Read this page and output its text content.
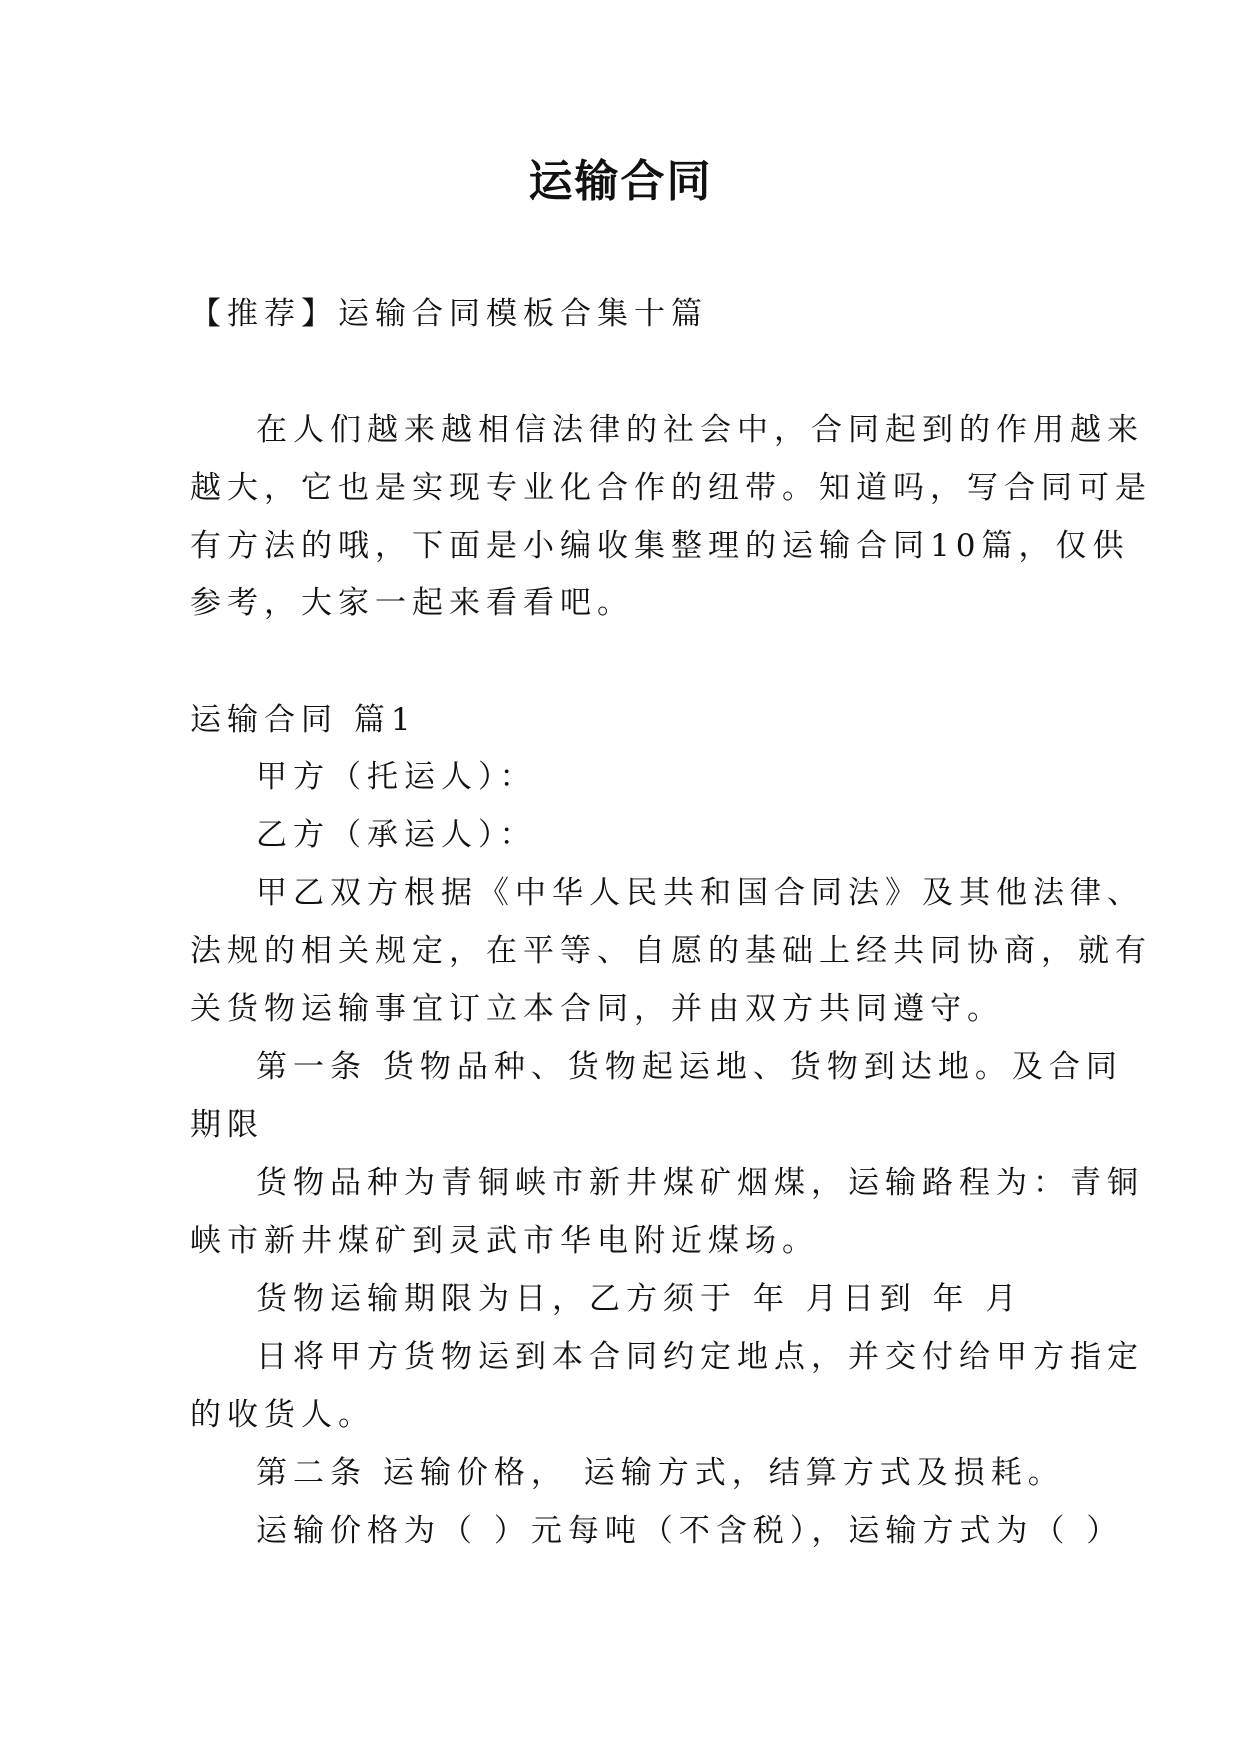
运输合同
【推荐】运输合同模板合集十篇
在人们越来越相信法律的社会中，合同起到的作用越来
越大，它也是实现专业化合作的纽带。知道吗，写合同可是
有方法的哦，下面是小编收集整理的运输合同10篇，仅供
参考，大家一起来看看吧。
运输合同 篇1
甲方（托运人）：
乙方（承运人）：
甲乙双方根据《中华人民共和国合同法》及其他法律、
法规的相关规定，在平等、自愿的基础上经共同协商，就有
关货物运输事宜订立本合同，并由双方共同遵守。
第一条 货物品种、货物起运地、货物到达地。及合同
期限
货物品种为青铜峡市新井煤矿烟煤，运输路程为：青铜
峡市新井煤矿到灵武市华电附近煤场。
货物运输期限为日，乙方须于 年 月日到 年 月
日将甲方货物运到本合同约定地点，并交付给甲方指定
的收货人。
第二条 运输价格， 运输方式，结算方式及损耗。
运输价格为（ ）元每吨（不含税），运输方式为（ ）
